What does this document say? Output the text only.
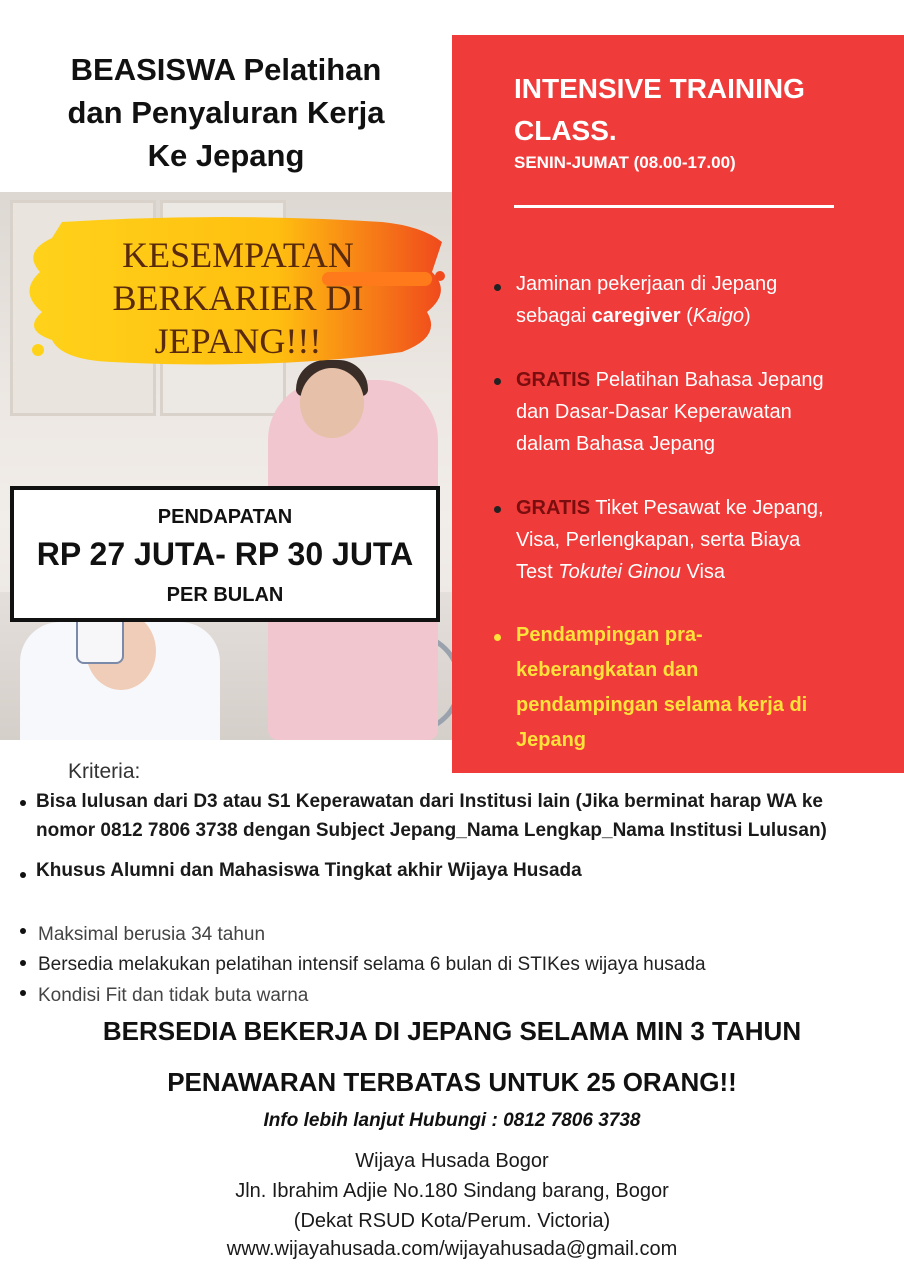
BEASISWA Pelatihan
dan Penyaluran Kerja
Ke Jepang
KESEMPATAN
BERKARIER DI
JEPANG!!!
PENDAPATAN
RP 27 JUTA- RP 30 JUTA
PER BULAN
INTENSIVE TRAINING
CLASS.
SENIN-JUMAT (08.00-17.00)
Jaminan pekerjaan di Jepang
sebagai caregiver (Kaigo)
GRATIS Pelatihan Bahasa Jepang
dan Dasar-Dasar Keperawatan
dalam Bahasa Jepang
GRATIS Tiket Pesawat ke Jepang,
Visa, Perlengkapan, serta Biaya
Test Tokutei Ginou Visa
Pendampingan pra-
keberangkatan dan
pendampingan selama kerja di
Jepang
Kriteria:
Bisa lulusan dari D3 atau S1 Keperawatan dari Institusi lain (Jika berminat harap WA ke
nomor 0812 7806 3738 dengan Subject Jepang_Nama Lengkap_Nama Institusi Lulusan)
Khusus Alumni dan Mahasiswa Tingkat akhir Wijaya Husada
Maksimal berusia 34 tahun
Bersedia melakukan pelatihan intensif selama 6 bulan di STIKes wijaya husada
Kondisi Fit dan tidak buta warna
BERSEDIA BEKERJA DI JEPANG SELAMA MIN 3 TAHUN
PENAWARAN TERBATAS UNTUK 25 ORANG!!
Info lebih lanjut Hubungi : 0812 7806 3738
Wijaya Husada Bogor
Jln. Ibrahim Adjie No.180 Sindang barang, Bogor
(Dekat RSUD Kota/Perum. Victoria)
www.wijayahusada.com/wijayahusada@gmail.com
